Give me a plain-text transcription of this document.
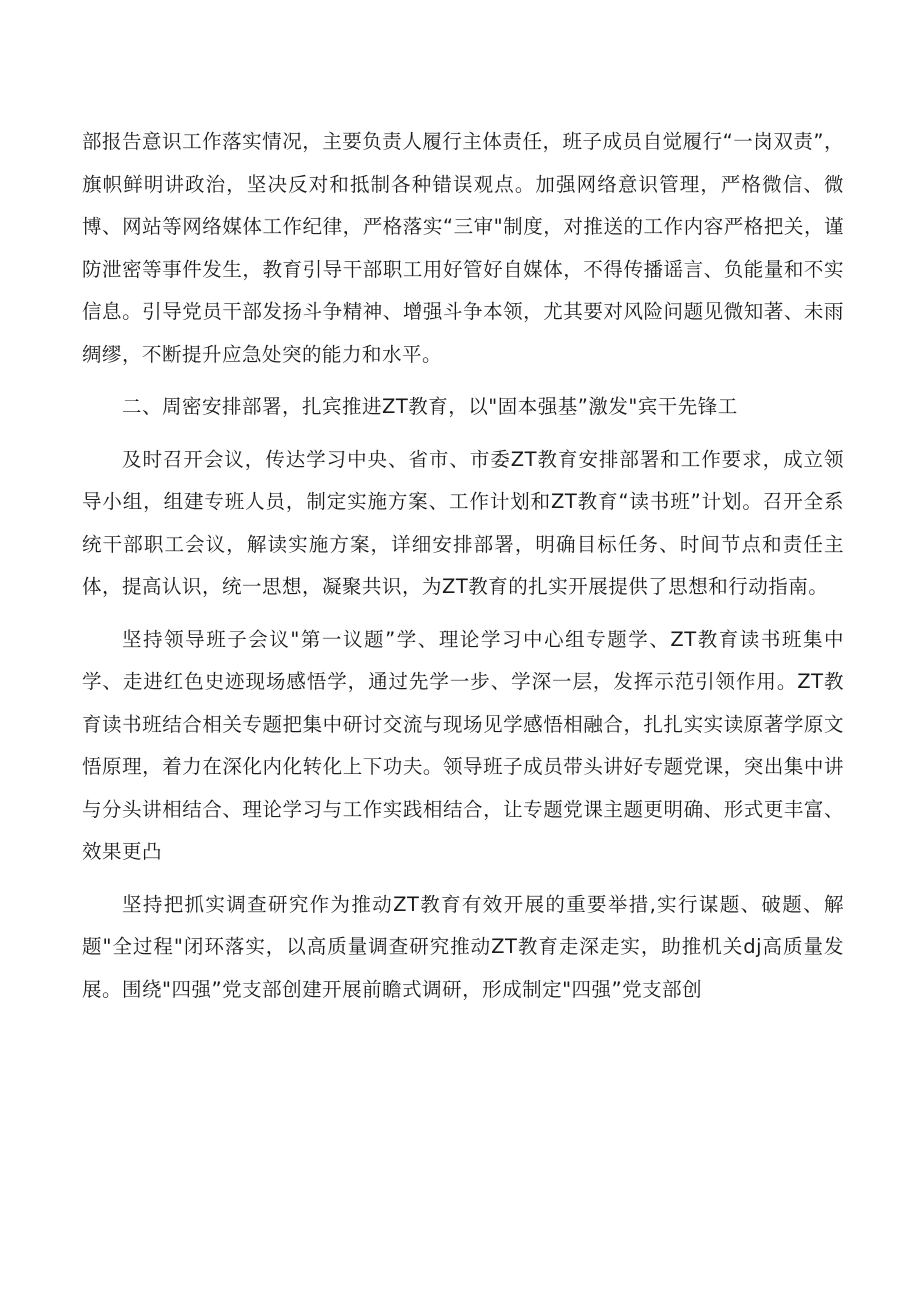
部报告意识工作落实情况，主要负责人履行主体责任，班子成员自觉履行“一岗双责”，旗帜鲜明讲政治，坚决反对和抵制各种错误观点。加强网络意识管理，严格微信、微博、网站等网络媒体工作纪律，严格落实“三审"制度，对推送的工作内容严格把关，谨防泄密等事件发生，教育引导干部职工用好管好自媒体，不得传播谣言、负能量和不实信息。引导党员干部发扬斗争精神、增强斗争本领，尤其要对风险问题见微知著、未雨绸缪，不断提升应急处突的能力和水平。

二、周密安排部署，扎宾推进ZT教育，以"固本强基”激发"宾干先锋工

及时召开会议，传达学习中央、省市、市委ZT教育安排部署和工作要求，成立领导小组，组建专班人员，制定实施方案、工作计划和ZT教育“读书班”计划。召开全系统干部职工会议，解读实施方案，详细安排部署，明确目标任务、时间节点和责任主体，提高认识，统一思想，凝聚共识，为ZT教育的扎实开展提供了思想和行动指南。

坚持领导班子会议"第一议题”学、理论学习中心组专题学、ZT教育读书班集中学、走进红色史迹现场感悟学，通过先学一步、学深一层，发挥示范引领作用。ZT教育读书班结合相关专题把集中研讨交流与现场见学感悟相融合，扎扎实实读原著学原文悟原理，着力在深化内化转化上下功夫。领导班子成员带头讲好专题党课，突出集中讲与分头讲相结合、理论学习与工作实践相结合，让专题党课主题更明确、形式更丰富、效果更凸

坚持把抓实调查研究作为推动ZT教育有效开展的重要举措,实行谋题、破题、解题"全过程"闭环落实，以高质量调查研究推动ZT教育走深走实，助推机关dj高质量发展。围绕"四强”党支部创建开展前瞻式调研，形成制定"四强”党支部创
